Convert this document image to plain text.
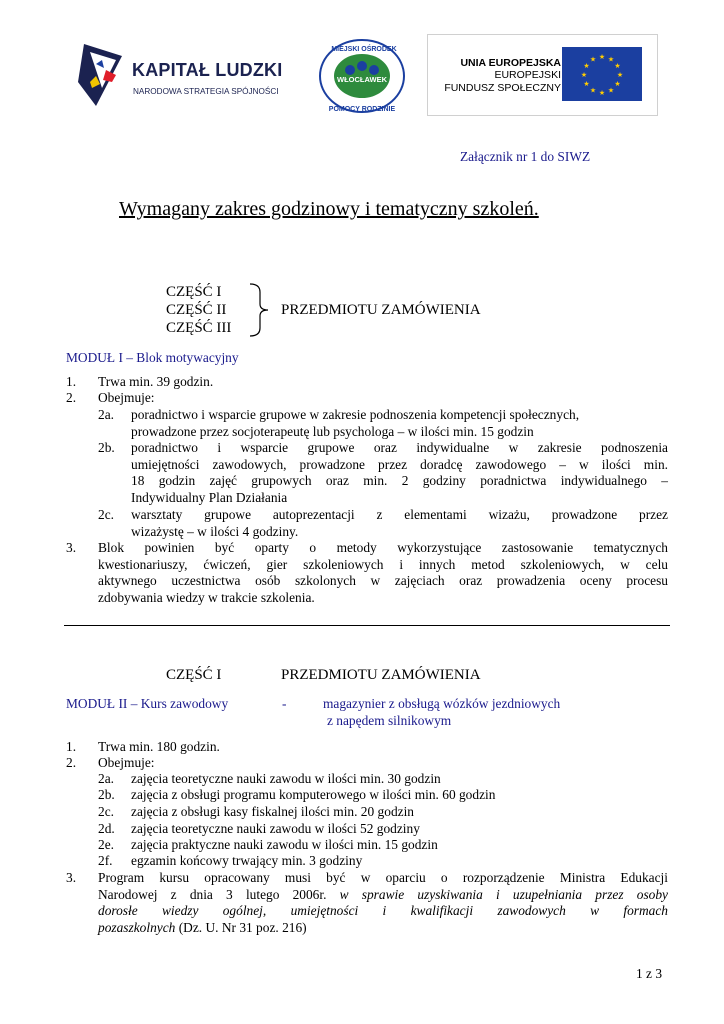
KAPITAŁ LUDZKI
NARODOWA STRATEGIA SPÓJNOŚCI
MIEJSKI OŚRODEK
WŁOCŁAWEK
POMOCY RODZINIE
UNIA EUROPEJSKA
EUROPEJSKI
FUNDUSZ SPOŁECZNY
★ ★
★
★
★
★
★
★
★
★
★
★
Załącznik nr 1 do SIWZ
Wymagany zakres godzinowy i tematyczny szkoleń.
CZĘŚĆ I
CZĘŚĆ II
CZĘŚĆ III
PRZEDMIOTU ZAMÓWIENIA
MODUŁ I – Blok motywacyjny
1. Trwa min. 39 godzin.
2. Obejmuje:
2a. poradnictwo i wsparcie grupowe w zakresie podnoszenia kompetencji społecznych,
prowadzone przez socjoterapeutę lub psychologa – w ilości min. 15 godzin
2b. poradnictwo i wsparcie grupowe oraz indywidualne w zakresie podnoszenia
umiejętności zawodowych, prowadzone przez doradcę zawodowego – w ilości min.
18 godzin zajęć grupowych oraz min. 2 godziny poradnictwa indywidualnego –
Indywidualny Plan Działania
2c. warsztaty grupowe autoprezentacji z elementami wizażu, prowadzone przez
wizażystę – w ilości 4 godziny.
3. Blok powinien być oparty o metody wykorzystujące zastosowanie tematycznych
kwestionariuszy, ćwiczeń, gier szkoleniowych i innych metod szkoleniowych, w celu
aktywnego uczestnictwa osób szkolonych w zajęciach oraz prowadzenia oceny procesu
zdobywania wiedzy w trakcie szkolenia.
CZĘŚĆ I	PRZEDMIOTU ZAMÓWIENIA
MODUŁ II – Kurs zawodowy	-	magazynier z obsługą wózków jezdniowych
z napędem silnikowym
1. Trwa min. 180 godzin.
2. Obejmuje:
2a. zajęcia teoretyczne nauki zawodu w ilości min. 30 godzin
2b. zajęcia z obsługi programu komputerowego w ilości min. 60 godzin
2c. zajęcia z obsługi kasy fiskalnej ilości min. 20 godzin
2d. zajęcia teoretyczne nauki zawodu w ilości 52 godziny
2e. zajęcia praktyczne nauki zawodu w ilości min. 15 godzin
2f. egzamin końcowy trwający min. 3 godziny
3. Program kursu opracowany musi być w oparciu o rozporządzenie Ministra Edukacji
Narodowej z dnia 3 lutego 2006r. w sprawie uzyskiwania i uzupełniania przez osoby
dorosłe wiedzy ogólnej, umiejętności i kwalifikacji zawodowych w formach
pozaszkolnych (Dz. U. Nr 31 poz. 216)
1 z 3
